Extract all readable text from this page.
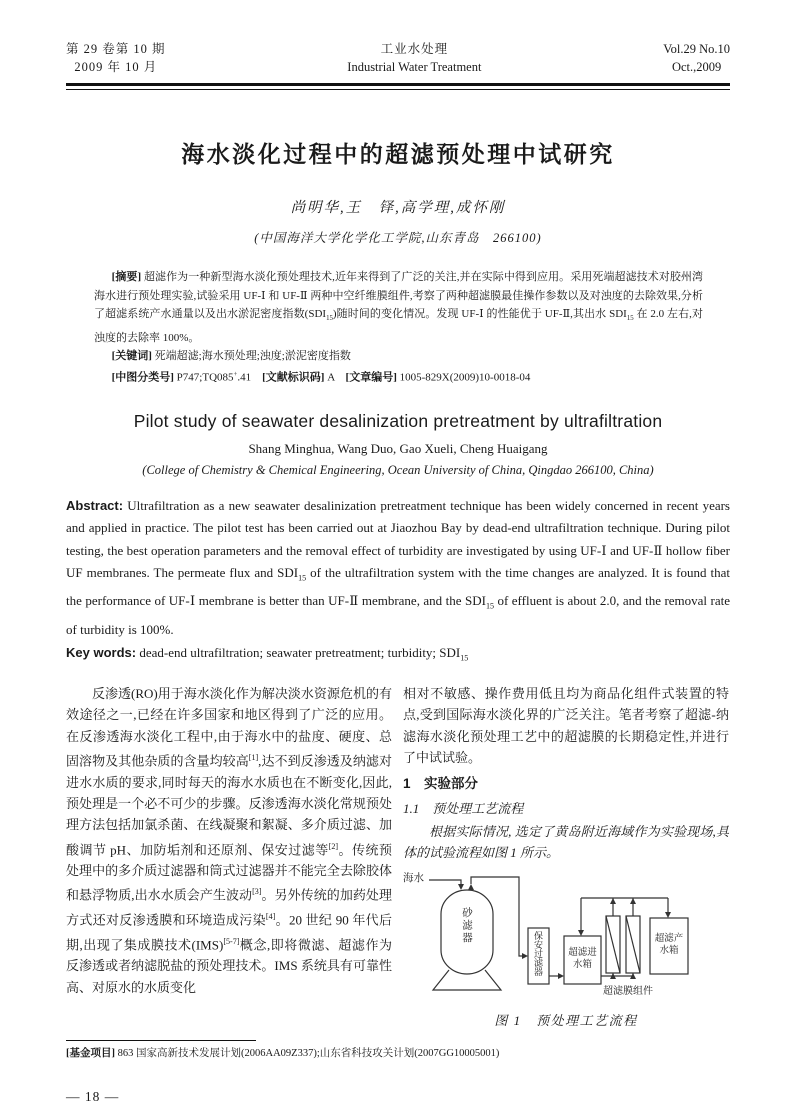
第 29 卷第 10 期
2009 年 10 月
工业水处理
Industrial Water Treatment
Vol.29 No.10
Oct.,2009
海水淡化过程中的超滤预处理中试研究
尚明华,王　铎,高学理,成怀刚
(中国海洋大学化学化工学院,山东青岛　266100)

[摘要] 超滤作为一种新型海水淡化预处理技术,近年来得到了广泛的关注,并在实际中得到应用。采用死端超滤技术对胶州湾海水进行预处理实验,试验采用 UF-Ⅰ 和 UF-Ⅱ 两种中空纤维膜组件,考察了两种超滤膜最佳操作参数以及对浊度的去除效果,分析了超滤系统产水通量以及出水淤泥密度指数$(SDI_{15})$随时间的变化情况。发现 UF-Ⅰ 的性能优于 UF-Ⅱ,其出水 $SDI_{15}$ 在 2.0 左右,对浊度的去除率 100%。

[关键词] 死端超滤;海水预处理;浊度;淤泥密度指数

[中图分类号] P747;TQ085+.41　[文献标识码] A　[文章编号] 1005-829X(2009)10-0018-04

Pilot study of seawater desalinization pretreatment by ultrafiltration
Shang Minghua, Wang Duo, Gao Xueli, Cheng Huaigang
(College of Chemistry & Chemical Engineering, Ocean University of China, Qingdao 266100, China)
Abstract: Ultrafiltration as a new seawater desalinization pretreatment technique has been widely concerned in recent years and applied in practice. The pilot test has been carried out at Jiaozhou Bay by dead-end ultrafiltration technique. During pilot testing, the best operation parameters and the removal effect of turbidity are investigated by using UF-Ⅰ and UF-Ⅱ hollow fiber UF membranes. The permeate flux and $SDI_{15}$ of the ultrafiltration system with the time changes are analyzed. It is found that the performance of UF-Ⅰ membrane is better than UF-Ⅱ membrane, and the $SDI_{15}$ of effluent is about 2.0, and the removal rate of turbidity is 100%.
Key words: dead-end ultrafiltration; seawater pretreatment; turbidity; $SDI_{15}$

反渗透(RO)用于海水淡化作为解决淡水资源危机的有效途径之一,已经在许多国家和地区得到了广泛的应用。在反渗透海水淡化工程中,由于海水中的盐度、硬度、总固溶物及其他杂质的含量均较高[1],达不到反渗透及纳滤对进水水质的要求,同时每天的海水水质也在不断变化,因此,预处理是一个必不可少的步骤。反渗透海水淡化常规预处理方法包括加氯杀菌、在线凝聚和絮凝、多介质过滤、加酸调节 pH、加防垢剂和还原剂、保安过滤等[2]。传统预处理中的多介质过滤器和筒式过滤器并不能完全去除胶体和悬浮物质,出水水质会产生波动[3]。另外传统的加药处理方式还对反渗透膜和环境造成污染[4]。20 世纪 90 年代后期,出现了集成膜技术(IMS)[5-7]概念,即将微滤、超滤作为反渗透或者纳滤脱盐的预处理技术。IMS 系统具有可靠性高、对原水的水质变化

相对不敏感、操作费用低且均为商品化组件式装置的特点,受到国际海水淡化界的广泛关注。笔者考察了超滤-纳滤海水淡化预处理工艺中的超滤膜的长期稳定性,并进行了中试试验。

1　实验部分
1.1　预处理工艺流程

根据实际情况, 选定了黄岛附近海域作为实验现场,具体的试验流程如图 1 所示。

海水
砂滤器
保安过滤器	超滤进
水箱
超滤产
水箱
超滤膜组件
图 1　预处理工艺流程
[基金项目] 863 国家高新技术发展计划(2006AA09Z337);山东省科技攻关计划(2007GG10005001)
— 18 —
